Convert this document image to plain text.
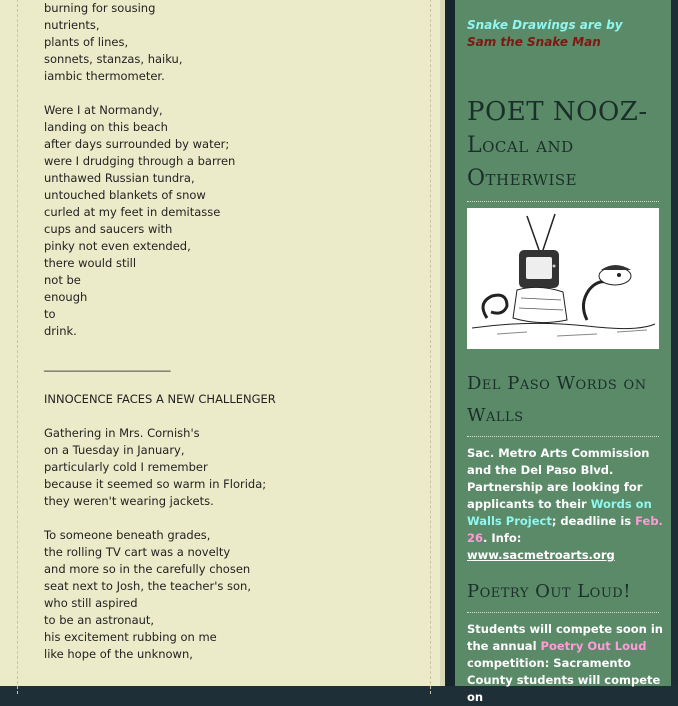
burning for sousing
nutrients,
plants of lines,
sonnets, stanzas, haiku,
iambic thermometer.
Were I at Normandy,
landing on this beach
after days surrounded by water;
were I drudging through a barren
unthawed Russian tundra,
untouched blankets of snow
curled at my feet in demitasse
cups and saucers with
pinky not even extended,
there would still
not be
enough
to
drink.
______________________
INNOCENCE FACES A NEW CHALLENGER
Gathering in Mrs. Cornish's
on a Tuesday in January,
particularly cold I remember
because it seemed so warm in Florida;
they weren't wearing jackets.
To someone beneath grades,
the rolling TV cart was a novelty
and more so in the carefully chosen
seat next to Josh, the teacher's son,
who still aspired
to be an astronaut,
his excitement rubbing on me
like hope of the unknown,
Snake Drawings are by
Sam the Snake Man
POET NOOZ-
Local and
Otherwise
Del Paso Words on
Walls
Sac. Metro Arts Commission and the Del Paso Blvd. Partnership are looking for applicants to their Words on Walls Project; deadline is Feb. 26. Info:
www.sacmetroarts.org
Poetry Out Loud!
Students will compete soon in the annual Poetry Out Loud competition: Sacramento County students will compete on
